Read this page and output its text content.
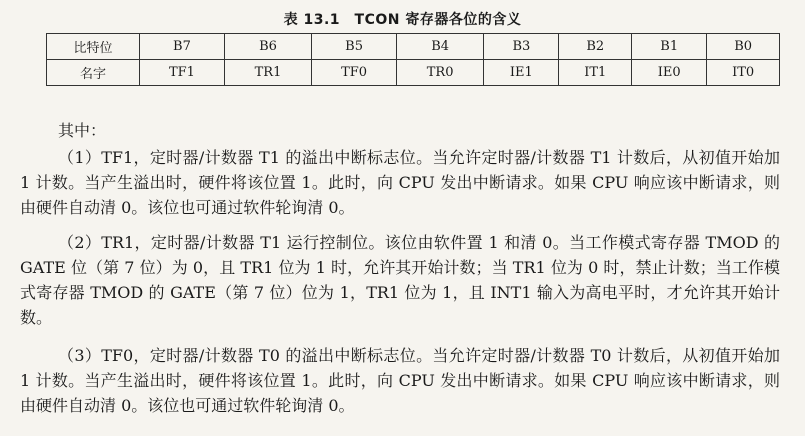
表 13.1　TCON 寄存器各位的含义
比特位	B7	B6	B5	B4	B3	B2	B1	B0
名字	TF1	TR1	TF0	TR0	IE1	IT1	IE0	IT0
其中：

（1）TF1，定时器/计数器 T1 的溢出中断标志位。当允许定时器/计数器 T1 计数后，从初值开始加 1 计数。当产生溢出时，硬件将该位置 1。此时，向 CPU 发出中断请求。如果 CPU 响应该中断请求，则由硬件自动清 0。该位也可通过软件轮询清 0。

（2）TR1，定时器/计数器 T1 运行控制位。该位由软件置 1 和清 0。当工作模式寄存器 TMOD 的 GATE 位（第 7 位）为 0，且 TR1 位为 1 时，允许其开始计数；当 TR1 位为 0 时，禁止计数；当工作模式寄存器 TMOD 的 GATE（第 7 位）位为 1，TR1 位为 1，且 INT1 输入为高电平时，才允许其开始计数。

（3）TF0，定时器/计数器 T0 的溢出中断标志位。当允许定时器/计数器 T0 计数后，从初值开始加 1 计数。当产生溢出时，硬件将该位置 1。此时，向 CPU 发出中断请求。如果 CPU 响应该中断请求，则由硬件自动清 0。该位也可通过软件轮询清 0。
